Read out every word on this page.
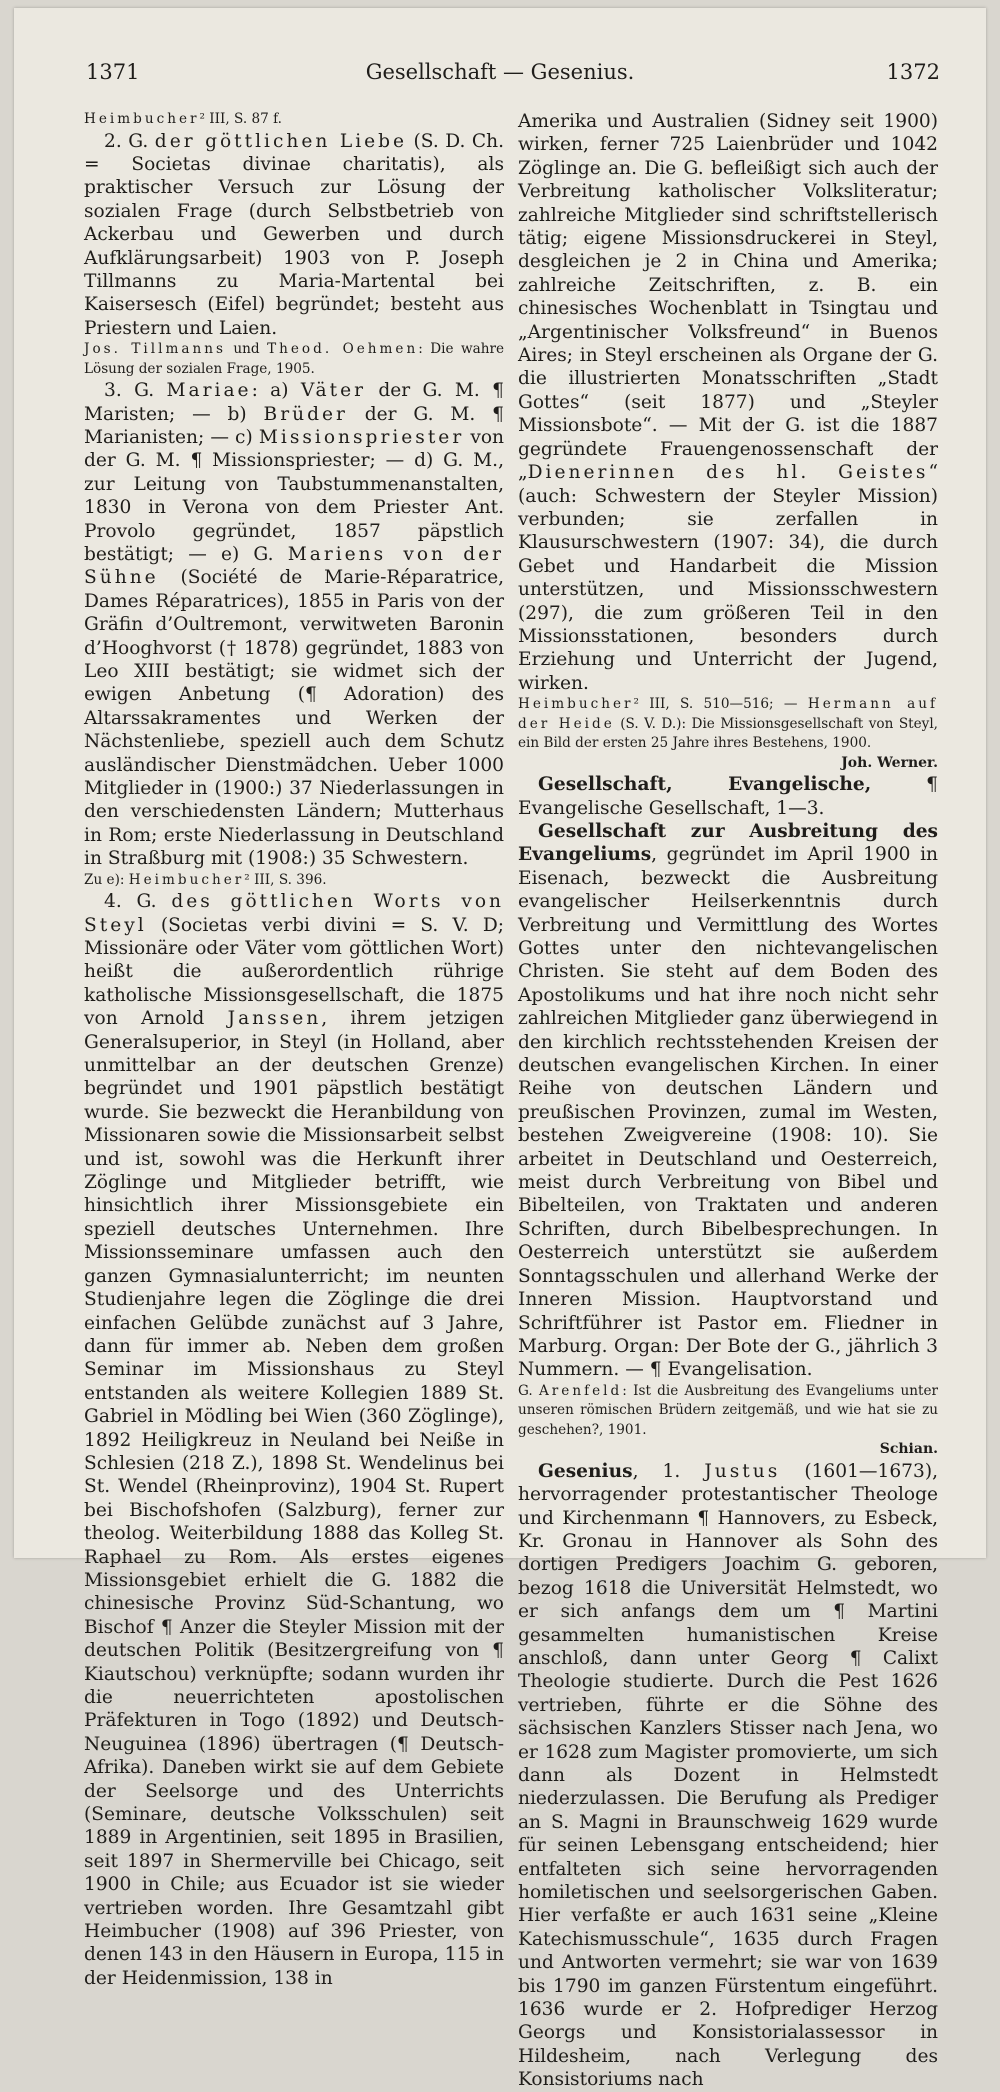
1371	Gesellschaft — Gesenius.	1372

Heimbucher² III, S. 87 f.

2. G. der göttlichen Liebe (S. D. Ch. = Societas divinae charitatis), als praktischer Versuch zur Lösung der sozialen Frage (durch Selbstbetrieb von Ackerbau und Gewerben und durch Aufklärungsarbeit) 1903 von P. Joseph Tillmanns zu Maria-Martental bei Kaisersesch (Eifel) begründet; besteht aus Priestern und Laien.

Jos. Tillmanns und Theod. Oehmen: Die wahre Lösung der sozialen Frage, 1905.

3. G. Mariae: a) Väter der G. M. ¶ Maristen; — b) Brüder der G. M. ¶ Marianisten; — c) Missionspriester von der G. M. ¶ Missionspriester; — d) G. M., zur Leitung von Taubstummenanstalten, 1830 in Verona von dem Priester Ant. Provolo gegründet, 1857 päpstlich bestätigt; — e) G. Mariens von der Sühne (Société de Marie-Réparatrice, Dames Réparatrices), 1855 in Paris von der Gräfin d’Oultremont, verwitweten Baronin d’Hooghvorst († 1878) gegründet, 1883 von Leo XIII bestätigt; sie widmet sich der ewigen Anbetung (¶ Adoration) des Altarssakramentes und Werken der Nächstenliebe, speziell auch dem Schutz ausländischer Dienstmädchen. Ueber 1000 Mitglieder in (1900:) 37 Niederlassungen in den verschiedensten Ländern; Mutterhaus in Rom; erste Niederlassung in Deutschland in Straßburg mit (1908:) 35 Schwestern.

Zu e): Heimbucher² III, S. 396.

4. G. des göttlichen Worts von Steyl (Societas verbi divini = S. V. D; Missionäre oder Väter vom göttlichen Wort) heißt die außerordentlich rührige katholische Missionsgesellschaft, die 1875 von Arnold Janssen, ihrem jetzigen Generalsuperior, in Steyl (in Holland, aber unmittelbar an der deutschen Grenze) begründet und 1901 päpstlich bestätigt wurde. Sie bezweckt die Heranbildung von Missionaren sowie die Missionsarbeit selbst und ist, sowohl was die Herkunft ihrer Zöglinge und Mitglieder betrifft, wie hinsichtlich ihrer Missionsgebiete ein speziell deutsches Unternehmen. Ihre Missionsseminare umfassen auch den ganzen Gymnasialunterricht; im neunten Studienjahre legen die Zöglinge die drei einfachen Gelübde zunächst auf 3 Jahre, dann für immer ab. Neben dem großen Seminar im Missionshaus zu Steyl entstanden als weitere Kollegien 1889 St. Gabriel in Mödling bei Wien (360 Zöglinge), 1892 Heiligkreuz in Neuland bei Neiße in Schlesien (218 Z.), 1898 St. Wendelinus bei St. Wendel (Rheinprovinz), 1904 St. Rupert bei Bischofshofen (Salzburg), ferner zur theolog. Weiterbildung 1888 das Kolleg St. Raphael zu Rom. Als erstes eigenes Missionsgebiet erhielt die G. 1882 die chinesische Provinz Süd-Schantung, wo Bischof ¶ Anzer die Steyler Mission mit der deutschen Politik (Besitzergreifung von ¶ Kiautschou) verknüpfte; sodann wurden ihr die neuerrichteten apostolischen Präfekturen in Togo (1892) und Deutsch-Neuguinea (1896) übertragen (¶ Deutsch-Afrika). Daneben wirkt sie auf dem Gebiete der Seelsorge und des Unterrichts (Seminare, deutsche Volksschulen) seit 1889 in Argentinien, seit 1895 in Brasilien, seit 1897 in Shermerville bei Chicago, seit 1900 in Chile; aus Ecuador ist sie wieder vertrieben worden. Ihre Gesamtzahl gibt Heimbucher (1908) auf 396 Priester, von denen 143 in den Häusern in Europa, 115 in der Heidenmission, 138 in

Amerika und Australien (Sidney seit 1900) wirken, ferner 725 Laienbrüder und 1042 Zöglinge an. Die G. befleißigt sich auch der Verbreitung katholischer Volksliteratur; zahlreiche Mitglieder sind schriftstellerisch tätig; eigene Missionsdruckerei in Steyl, desgleichen je 2 in China und Amerika; zahlreiche Zeitschriften, z. B. ein chinesisches Wochenblatt in Tsingtau und „Argentinischer Volksfreund“ in Buenos Aires; in Steyl erscheinen als Organe der G. die illustrierten Monatsschriften „Stadt Gottes“ (seit 1877) und „Steyler Missionsbote“. — Mit der G. ist die 1887 gegründete Frauengenossenschaft der „Dienerinnen des hl. Geistes“ (auch: Schwestern der Steyler Mission) verbunden; sie zerfallen in Klausurschwestern (1907: 34), die durch Gebet und Handarbeit die Mission unterstützen, und Missionsschwestern (297), die zum größeren Teil in den Missionsstationen, besonders durch Erziehung und Unterricht der Jugend, wirken.

Heimbucher² III, S. 510—516; — Hermann auf der Heide (S. V. D.): Die Missionsgesellschaft von Steyl, ein Bild der ersten 25 Jahre ihres Bestehens, 1900.

Joh. Werner.

Gesellschaft, Evangelische, ¶ Evangelische Gesellschaft, 1—3.

Gesellschaft zur Ausbreitung des Evangeliums, gegründet im April 1900 in Eisenach, bezweckt die Ausbreitung evangelischer Heilserkenntnis durch Verbreitung und Vermittlung des Wortes Gottes unter den nichtevangelischen Christen. Sie steht auf dem Boden des Apostolikums und hat ihre noch nicht sehr zahlreichen Mitglieder ganz überwiegend in den kirchlich rechtsstehenden Kreisen der deutschen evangelischen Kirchen. In einer Reihe von deutschen Ländern und preußischen Provinzen, zumal im Westen, bestehen Zweigvereine (1908: 10). Sie arbeitet in Deutschland und Oesterreich, meist durch Verbreitung von Bibel und Bibelteilen, von Traktaten und anderen Schriften, durch Bibelbesprechungen. In Oesterreich unterstützt sie außerdem Sonntagsschulen und allerhand Werke der Inneren Mission. Hauptvorstand und Schriftführer ist Pastor em. Fliedner in Marburg. Organ: Der Bote der G., jährlich 3 Nummern. — ¶ Evangelisation.

G. Arenfeld: Ist die Ausbreitung des Evangeliums unter unseren römischen Brüdern zeitgemäß, und wie hat sie zu geschehen?, 1901.

Schian.

Gesenius, 1. Justus (1601—1673), hervorragender protestantischer Theologe und Kirchenmann ¶ Hannovers, zu Esbeck, Kr. Gronau in Hannover als Sohn des dortigen Predigers Joachim G. geboren, bezog 1618 die Universität Helmstedt, wo er sich anfangs dem um ¶ Martini gesammelten humanistischen Kreise anschloß, dann unter Georg ¶ Calixt Theologie studierte. Durch die Pest 1626 vertrieben, führte er die Söhne des sächsischen Kanzlers Stisser nach Jena, wo er 1628 zum Magister promovierte, um sich dann als Dozent in Helmstedt niederzulassen. Die Berufung als Prediger an S. Magni in Braunschweig 1629 wurde für seinen Lebensgang entscheidend; hier entfalteten sich seine hervorragenden homiletischen und seelsorgerischen Gaben. Hier verfaßte er auch 1631 seine „Kleine Katechismusschule“, 1635 durch Fragen und Antworten vermehrt; sie war von 1639 bis 1790 im ganzen Fürstentum eingeführt. 1636 wurde er 2. Hofprediger Herzog Georgs und Konsistorialassessor in Hildesheim, nach Verlegung des Konsistoriums nach
